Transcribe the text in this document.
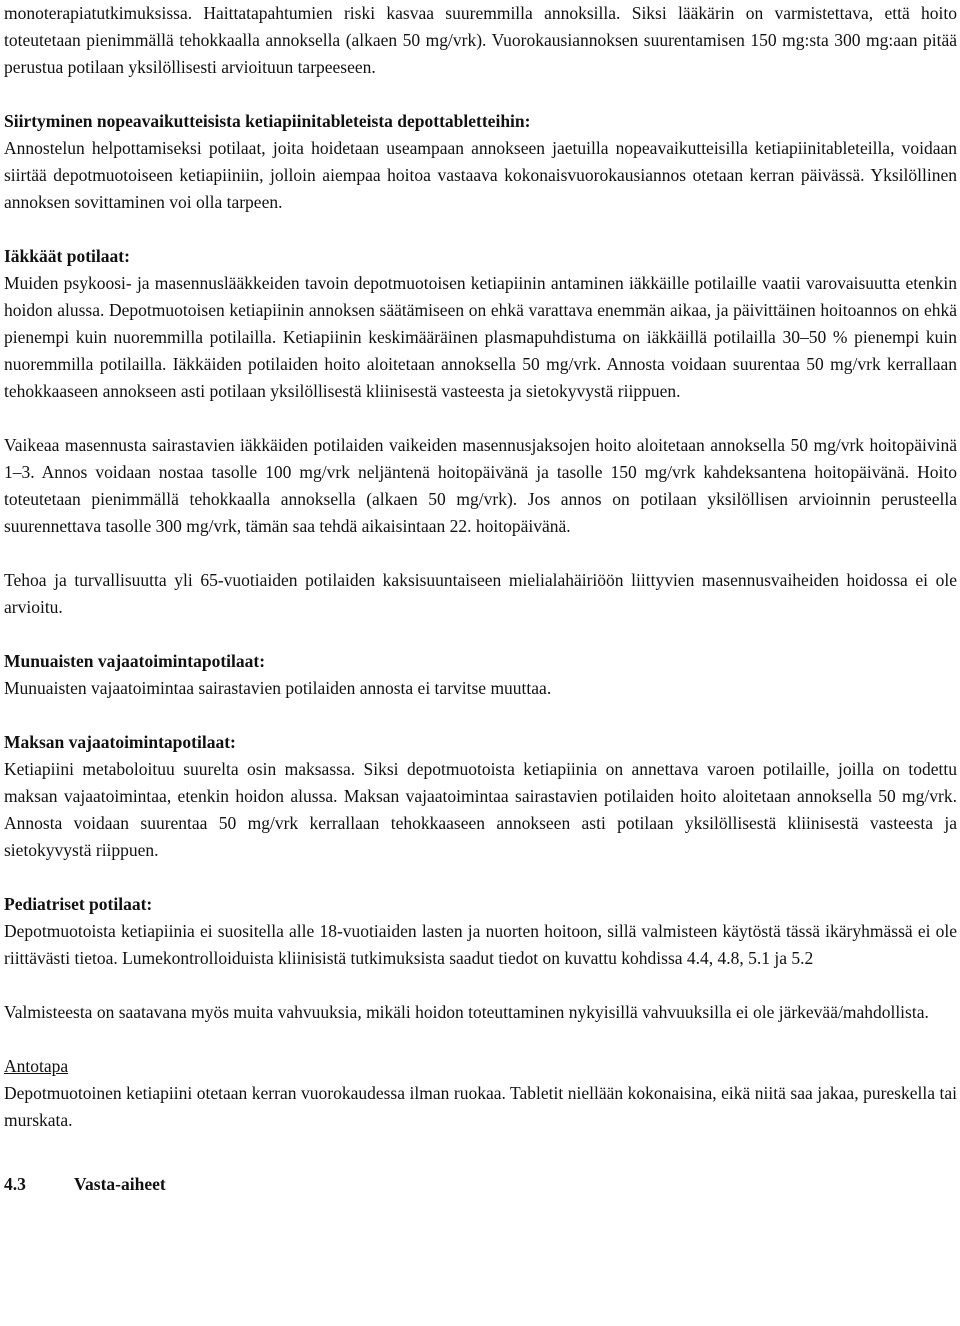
monoterapiatutkimuksissa. Haittatapahtumien riski kasvaa suuremmilla annoksilla. Siksi lääkärin on varmistettava, että hoito toteutetaan pienimmällä tehokkaalla annoksella (alkaen 50 mg/vrk). Vuorokausiannoksen suurentamisen 150 mg:sta 300 mg:aan pitää perustua potilaan yksilöllisesti arvioituun tarpeeseen.

Siirtyminen nopeavaikutteisista ketiapiinitableteista depottabletteihin:

Annostelun helpottamiseksi potilaat, joita hoidetaan useampaan annokseen jaetuilla nopeavaikutteisilla ketiapiinitableteilla, voidaan siirtää depotmuotoiseen ketiapiiniin, jolloin aiempaa hoitoa vastaava kokonaisvuorokausiannos otetaan kerran päivässä. Yksilöllinen annoksen sovittaminen voi olla tarpeen.

Iäkkäät potilaat:

Muiden psykoosi- ja masennuslääkkeiden tavoin depotmuotoisen ketiapiinin antaminen iäkkäille potilaille vaatii varovaisuutta etenkin hoidon alussa. Depotmuotoisen ketiapiinin annoksen säätämiseen on ehkä varattava enemmän aikaa, ja päivittäinen hoitoannos on ehkä pienempi kuin nuoremmilla potilailla. Ketiapiinin keskimääräinen plasmapuhdistuma on iäkkäillä potilailla 30–50 % pienempi kuin nuoremmilla potilailla. Iäkkäiden potilaiden hoito aloitetaan annoksella 50 mg/vrk. Annosta voidaan suurentaa 50 mg/vrk kerrallaan tehokkaaseen annokseen asti potilaan yksilöllisestä kliinisestä vasteesta ja sietokyvystä riippuen.

Vaikeaa masennusta sairastavien iäkkäiden potilaiden vaikeiden masennusjaksojen hoito aloitetaan annoksella 50 mg/vrk hoitopäivinä 1–3. Annos voidaan nostaa tasolle 100 mg/vrk neljäntenä hoitopäivänä ja tasolle 150 mg/vrk kahdeksantena hoitopäivänä. Hoito toteutetaan pienimmällä tehokkaalla annoksella (alkaen 50 mg/vrk). Jos annos on potilaan yksilöllisen arvioinnin perusteella suurennettava tasolle 300 mg/vrk, tämän saa tehdä aikaisintaan 22. hoitopäivänä.

Tehoa ja turvallisuutta yli 65-vuotiaiden potilaiden kaksisuuntaiseen mielialahäiriöön liittyvien masennusvaiheiden hoidossa ei ole arvioitu.

Munuaisten vajaatoimintapotilaat:

Munuaisten vajaatoimintaa sairastavien potilaiden annosta ei tarvitse muuttaa.

Maksan vajaatoimintapotilaat:

Ketiapiini metaboloituu suurelta osin maksassa. Siksi depotmuotoista ketiapiinia on annettava varoen potilaille, joilla on todettu maksan vajaatoimintaa, etenkin hoidon alussa. Maksan vajaatoimintaa sairastavien potilaiden hoito aloitetaan annoksella 50 mg/vrk. Annosta voidaan suurentaa 50 mg/vrk kerrallaan tehokkaaseen annokseen asti potilaan yksilöllisestä kliinisestä vasteesta ja sietokyvystä riippuen.

Pediatriset potilaat:

Depotmuotoista ketiapiinia ei suositella alle 18-vuotiaiden lasten ja nuorten hoitoon, sillä valmisteen käytöstä tässä ikäryhmässä ei ole riittävästi tietoa. Lumekontrolloiduista kliinisistä tutkimuksista saadut tiedot on kuvattu kohdissa 4.4, 4.8, 5.1 ja 5.2

Valmisteesta on saatavana myös muita vahvuuksia, mikäli hoidon toteuttaminen nykyisillä vahvuuksilla ei ole järkevää/mahdollista.

Antotapa

Depotmuotoinen ketiapiini otetaan kerran vuorokaudessa ilman ruokaa. Tabletit niellään kokonaisina, eikä niitä saa jakaa, pureskella tai murskata.

4.3	Vasta-aiheet
